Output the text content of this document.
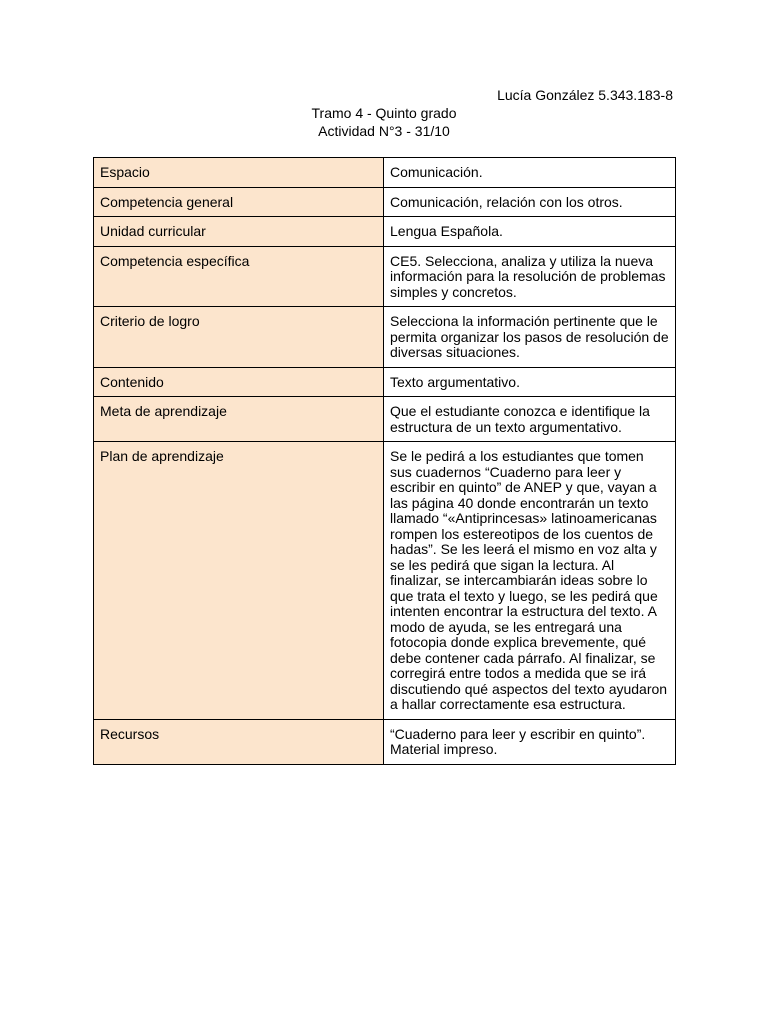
Lucía González 5.343.183-8
Tramo 4 - Quinto grado
Actividad N°3 - 31/10
Espacio	Comunicación.
Competencia general	Comunicación, relación con los otros.
Unidad curricular	Lengua Española.
Competencia específica	CE5. Selecciona, analiza y utiliza la nueva información para la resolución de problemas simples y concretos.
Criterio de logro	Selecciona la información pertinente que le permita organizar los pasos de resolución de diversas situaciones.
Contenido	Texto argumentativo.
Meta de aprendizaje	Que el estudiante conozca e identifique la estructura de un texto argumentativo.
Plan de aprendizaje	Se le pedirá a los estudiantes que tomen sus cuadernos “Cuaderno para leer y escribir en quinto” de ANEP y que, vayan a las página 40 donde encontrarán un texto llamado “«Antiprincesas» latinoamericanas rompen los estereotipos de los cuentos de hadas”. Se les leerá el mismo en voz alta y se les pedirá que sigan la lectura. Al finalizar, se intercambiarán ideas sobre lo que trata el texto y luego, se les pedirá que intenten encontrar la estructura del texto. A modo de ayuda, se les entregará una fotocopia donde explica brevemente, qué debe contener cada párrafo. Al finalizar, se corregirá entre todos a medida que se irá discutiendo qué aspectos del texto ayudaron a hallar correctamente esa estructura.
Recursos	“Cuaderno para leer y escribir en quinto”. Material impreso.
